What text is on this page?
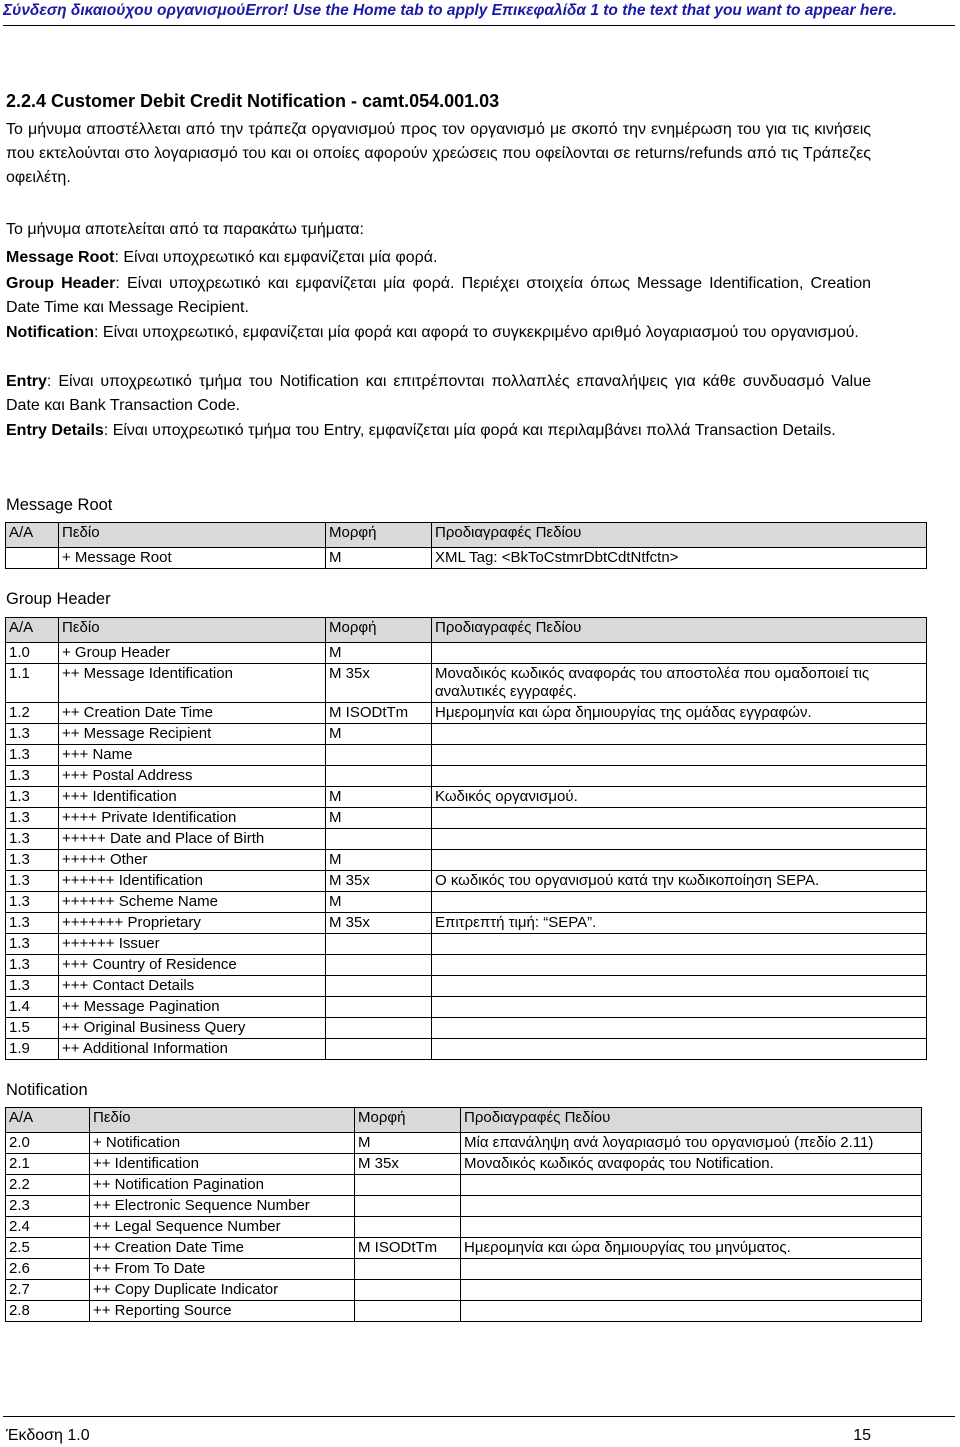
Σύνδεση δικαιούχου οργανισμούError! Use the Home tab to apply Επικεφαλίδα 1 to the text that you want to appear here.
2.2.4 Customer Debit Credit Notification - camt.054.001.03

Το μήνυμα αποστέλλεται από την τράπεζα οργανισμού προς τον οργανισμό με σκοπό την ενημέρωση του για τις κινήσεις που εκτελούνται στο λογαριασμό του και οι οποίες αφορούν χρεώσεις που οφείλονται σε returns/refunds από τις Τράπεζες οφειλέτη.

Το μήνυμα αποτελείται από τα παρακάτω τμήματα:

Message Root: Είναι υποχρεωτικό και εμφανίζεται μία φορά.

Group Header: Είναι υποχρεωτικό και εμφανίζεται μία φορά. Περιέχει στοιχεία όπως Message Identification, Creation Date Time και Message Recipient.

Notification: Είναι υποχρεωτικό, εμφανίζεται μία φορά και αφορά το συγκεκριμένο αριθμό λογαριασμού του οργανισμού.

Entry: Είναι υποχρεωτικό τμήμα του Notification και επιτρέπονται πολλαπλές επαναλήψεις για κάθε συνδυασμό Value Date και Bank Transaction Code.

Entry Details: Είναι υποχρεωτικό τμήμα του Entry, εμφανίζεται μία φορά και περιλαμβάνει πολλά Transaction Details.

Message Root
Α/Α	Πεδίο	Μορφή	Προδιαγραφές Πεδίου
	+ Message Root	M	XML Tag: <BkToCstmrDbtCdtNtfctn>
Group Header
Α/Α	Πεδίο	Μορφή	Προδιαγραφές Πεδίου
1.0	+ Group Header	M	
1.1	++ Message Identification	M 35x	Μοναδικός κωδικός αναφοράς του αποστολέα που ομαδοποιεί τις αναλυτικές εγγραφές.
1.2	++ Creation Date Time	M ISODtTm	Ημερομηνία και ώρα δημιουργίας της ομάδας εγγραφών.
1.3	++ Message Recipient	M	
1.3	+++ Name		
1.3	+++ Postal Address		
1.3	+++ Identification	M	Κωδικός οργανισμού.
1.3	++++ Private Identification	M	
1.3	+++++ Date and Place of Birth		
1.3	+++++ Other	M	
1.3	++++++ Identification	M 35x	Ο κωδικός του οργανισμού κατά την κωδικοποίηση SEPA.
1.3	++++++ Scheme Name	M	
1.3	+++++++ Proprietary	M 35x	Επιτρεπτή τιμή: “SEPA”.
1.3	++++++ Issuer		
1.3	+++ Country of Residence		
1.3	+++ Contact Details		
1.4	++ Message Pagination		
1.5	++ Original Business Query		
1.9	++ Additional Information		
Notification
Α/Α	Πεδίο	Μορφή	Προδιαγραφές Πεδίου
2.0	+ Notification	M	Μία επανάληψη ανά λογαριασμό του οργανισμού (πεδίο 2.11)
2.1	++ Identification	M 35x	Μοναδικός κωδικός αναφοράς του Notification.
2.2	++ Notification Pagination		
2.3	++ Electronic Sequence Number		
2.4	++ Legal Sequence Number		
2.5	++ Creation Date Time	M ISODtTm	Ημερομηνία και ώρα δημιουργίας του μηνύματος.
2.6	++ From To Date		
2.7	++ Copy Duplicate Indicator		
2.8	++ Reporting Source		
Έκδοση 1.0	15
